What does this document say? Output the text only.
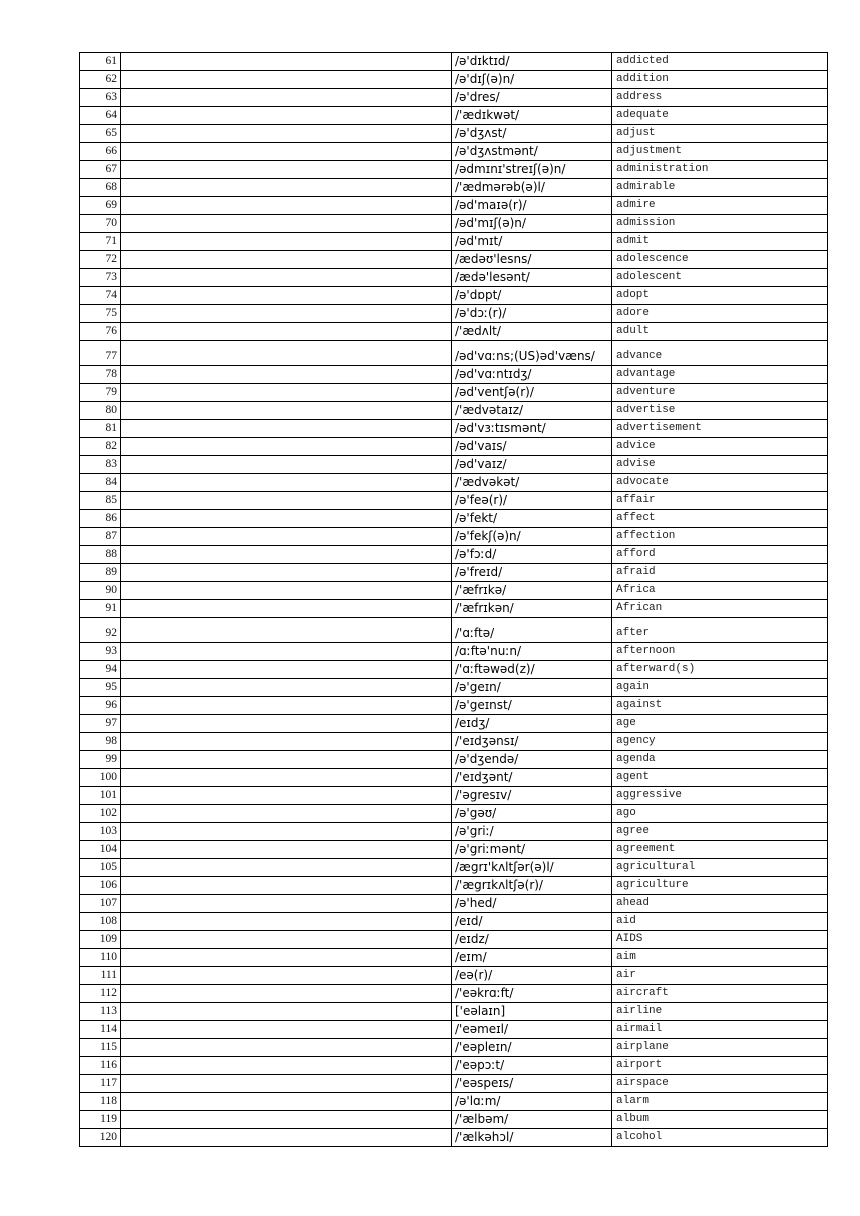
61		/ə'dɪktɪd/	addicted
62		/ə'dɪʃ(ə)n/	addition
63		/ə'dres/	address
64		/'ædɪkwət/	adequate
65		/ə'dʒʌst/	adjust
66		/ə'dʒʌstmənt/	adjustment
67		/ədmɪnɪ'streɪʃ(ə)n/	administration
68		/'ædmərəb(ə)l/	admirable
69		/əd'maɪə(r)/	admire
70		/əd'mɪʃ(ə)n/	admission
71		/əd'mɪt/	admit
72		/ædəʊ'lesns/	adolescence
73		/ædə'lesənt/	adolescent
74		/ə'dɒpt/	adopt
75		/ə'dɔː(r)/	adore
76		/'ædʌlt/	adult
77		/əd'vɑːns;(US)əd'væns/	advance
78		/əd'vɑːntɪdʒ/	advantage
79		/əd'ventʃə(r)/	adventure
80		/'ædvətaɪz/	advertise
81		/əd'vɜːtɪsmənt/	advertisement
82		/əd'vaɪs/	advice
83		/əd'vaɪz/	advise
84		/'ædvəkət/	advocate
85		/ə'feə(r)/	affair
86		/ə'fekt/	affect
87		/ə'fekʃ(ə)n/	affection
88		/ə'fɔːd/	afford
89		/ə'freɪd/	afraid
90		/'æfrɪkə/	Africa
91		/'æfrɪkən/	African
92		/'ɑːftə/	after
93		/ɑːftə'nuːn/	afternoon
94		/'ɑːftəwəd(z)/	afterward(s)
95		/ə'geɪn/	again
96		/ə'geɪnst/	against
97		/eɪdʒ/	age
98		/'eɪdʒənsɪ/	agency
99		/ə'dʒendə/	agenda
100		/'eɪdʒənt/	agent
101		/'əgresɪv/	aggressive
102		/ə'gəʊ/	ago
103		/ə'griː/	agree
104		/ə'griːmənt/	agreement
105		/ægrɪ'kʌltʃər(ə)l/	agricultural
106		/'ægrɪkʌltʃə(r)/	agriculture
107		/ə'hed/	ahead
108		/eɪd/	aid
109		/eɪdz/	AIDS
110		/eɪm/	aim
111		/eə(r)/	air
112		/'eəkrɑːft/	aircraft
113		['eəlaɪn]	airline
114		/'eəmeɪl/	airmail
115		/'eəpleɪn/	airplane
116		/'eəpɔːt/	airport
117		/'eəspeɪs/	airspace
118		/ə'lɑːm/	alarm
119		/'ælbəm/	album
120		/'ælkəhɔl/	alcohol
